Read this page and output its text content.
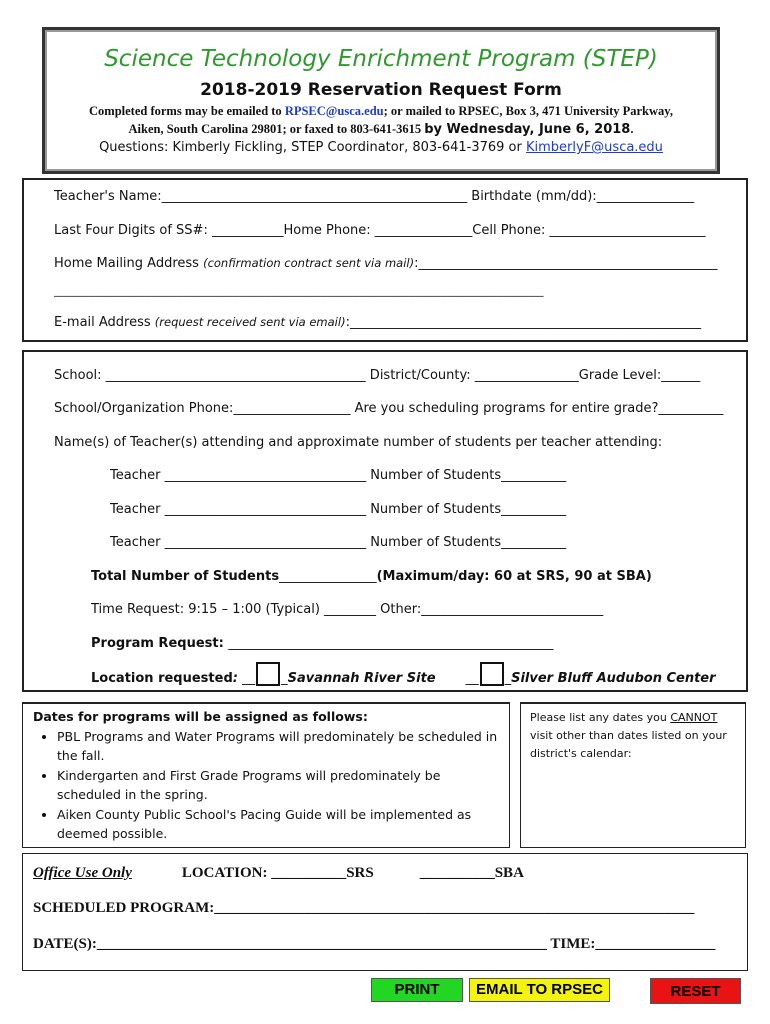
Science Technology Enrichment Program (STEP)
2018-2019 Reservation Request Form
Completed forms may be emailed to RPSEC@usca.edu; or mailed to RPSEC, Box 3, 471 University Parkway,
Aiken, South Carolina 29801; or faxed to 803-641-3615 by Wednesday, June 6, 2018.
Questions: Kimberly Fickling, STEP Coordinator, 803-641-3769 or KimberlyF@usca.edu
Teacher's Name:_______________________________________________ Birthdate (mm/dd):_______________
Last Four Digits of SS#: ___________Home Phone: _______________Cell Phone: ________________________
Home Mailing Address (confirmation contract sent via mail):______________________________________________
_________________________________________________________________________________________
E-mail Address (request received sent via email):______________________________________________________
School: ________________________________________ District/County: ________________Grade Level:______
School/Organization Phone:__________________ Are you scheduling programs for entire grade?__________
Name(s) of Teacher(s) attending and approximate number of students per teacher attending:
Teacher _______________________________ Number of Students__________
Teacher _______________________________ Number of Students__________
Teacher _______________________________ Number of Students__________
Total Number of Students_______________(Maximum/day: 60 at SRS, 90 at SBA)
Time Request: 9:15 – 1:00 (Typical) ________ Other:____________________________
Program Request: __________________________________________________
Location requested: __ _Savannah River Site __ _Silver Bluff Audubon Center
Dates for programs will be assigned as follows:
• PBL Programs and Water Programs will predominately be scheduled in the fall.
• Kindergarten and First Grade Programs will predominately be scheduled in the spring.
• Aiken County Public School's Pacing Guide will be implemented as deemed possible.
Please list any dates you CANNOT visit other than dates listed on your district's calendar:
Office Use Only	LOCATION: __________SRS	__________SBA
SCHEDULED PROGRAM:________________________________________________________________
DATE(S):____________________________________________________________ TIME:________________
PRINT	EMAIL TO RPSEC	RESET
